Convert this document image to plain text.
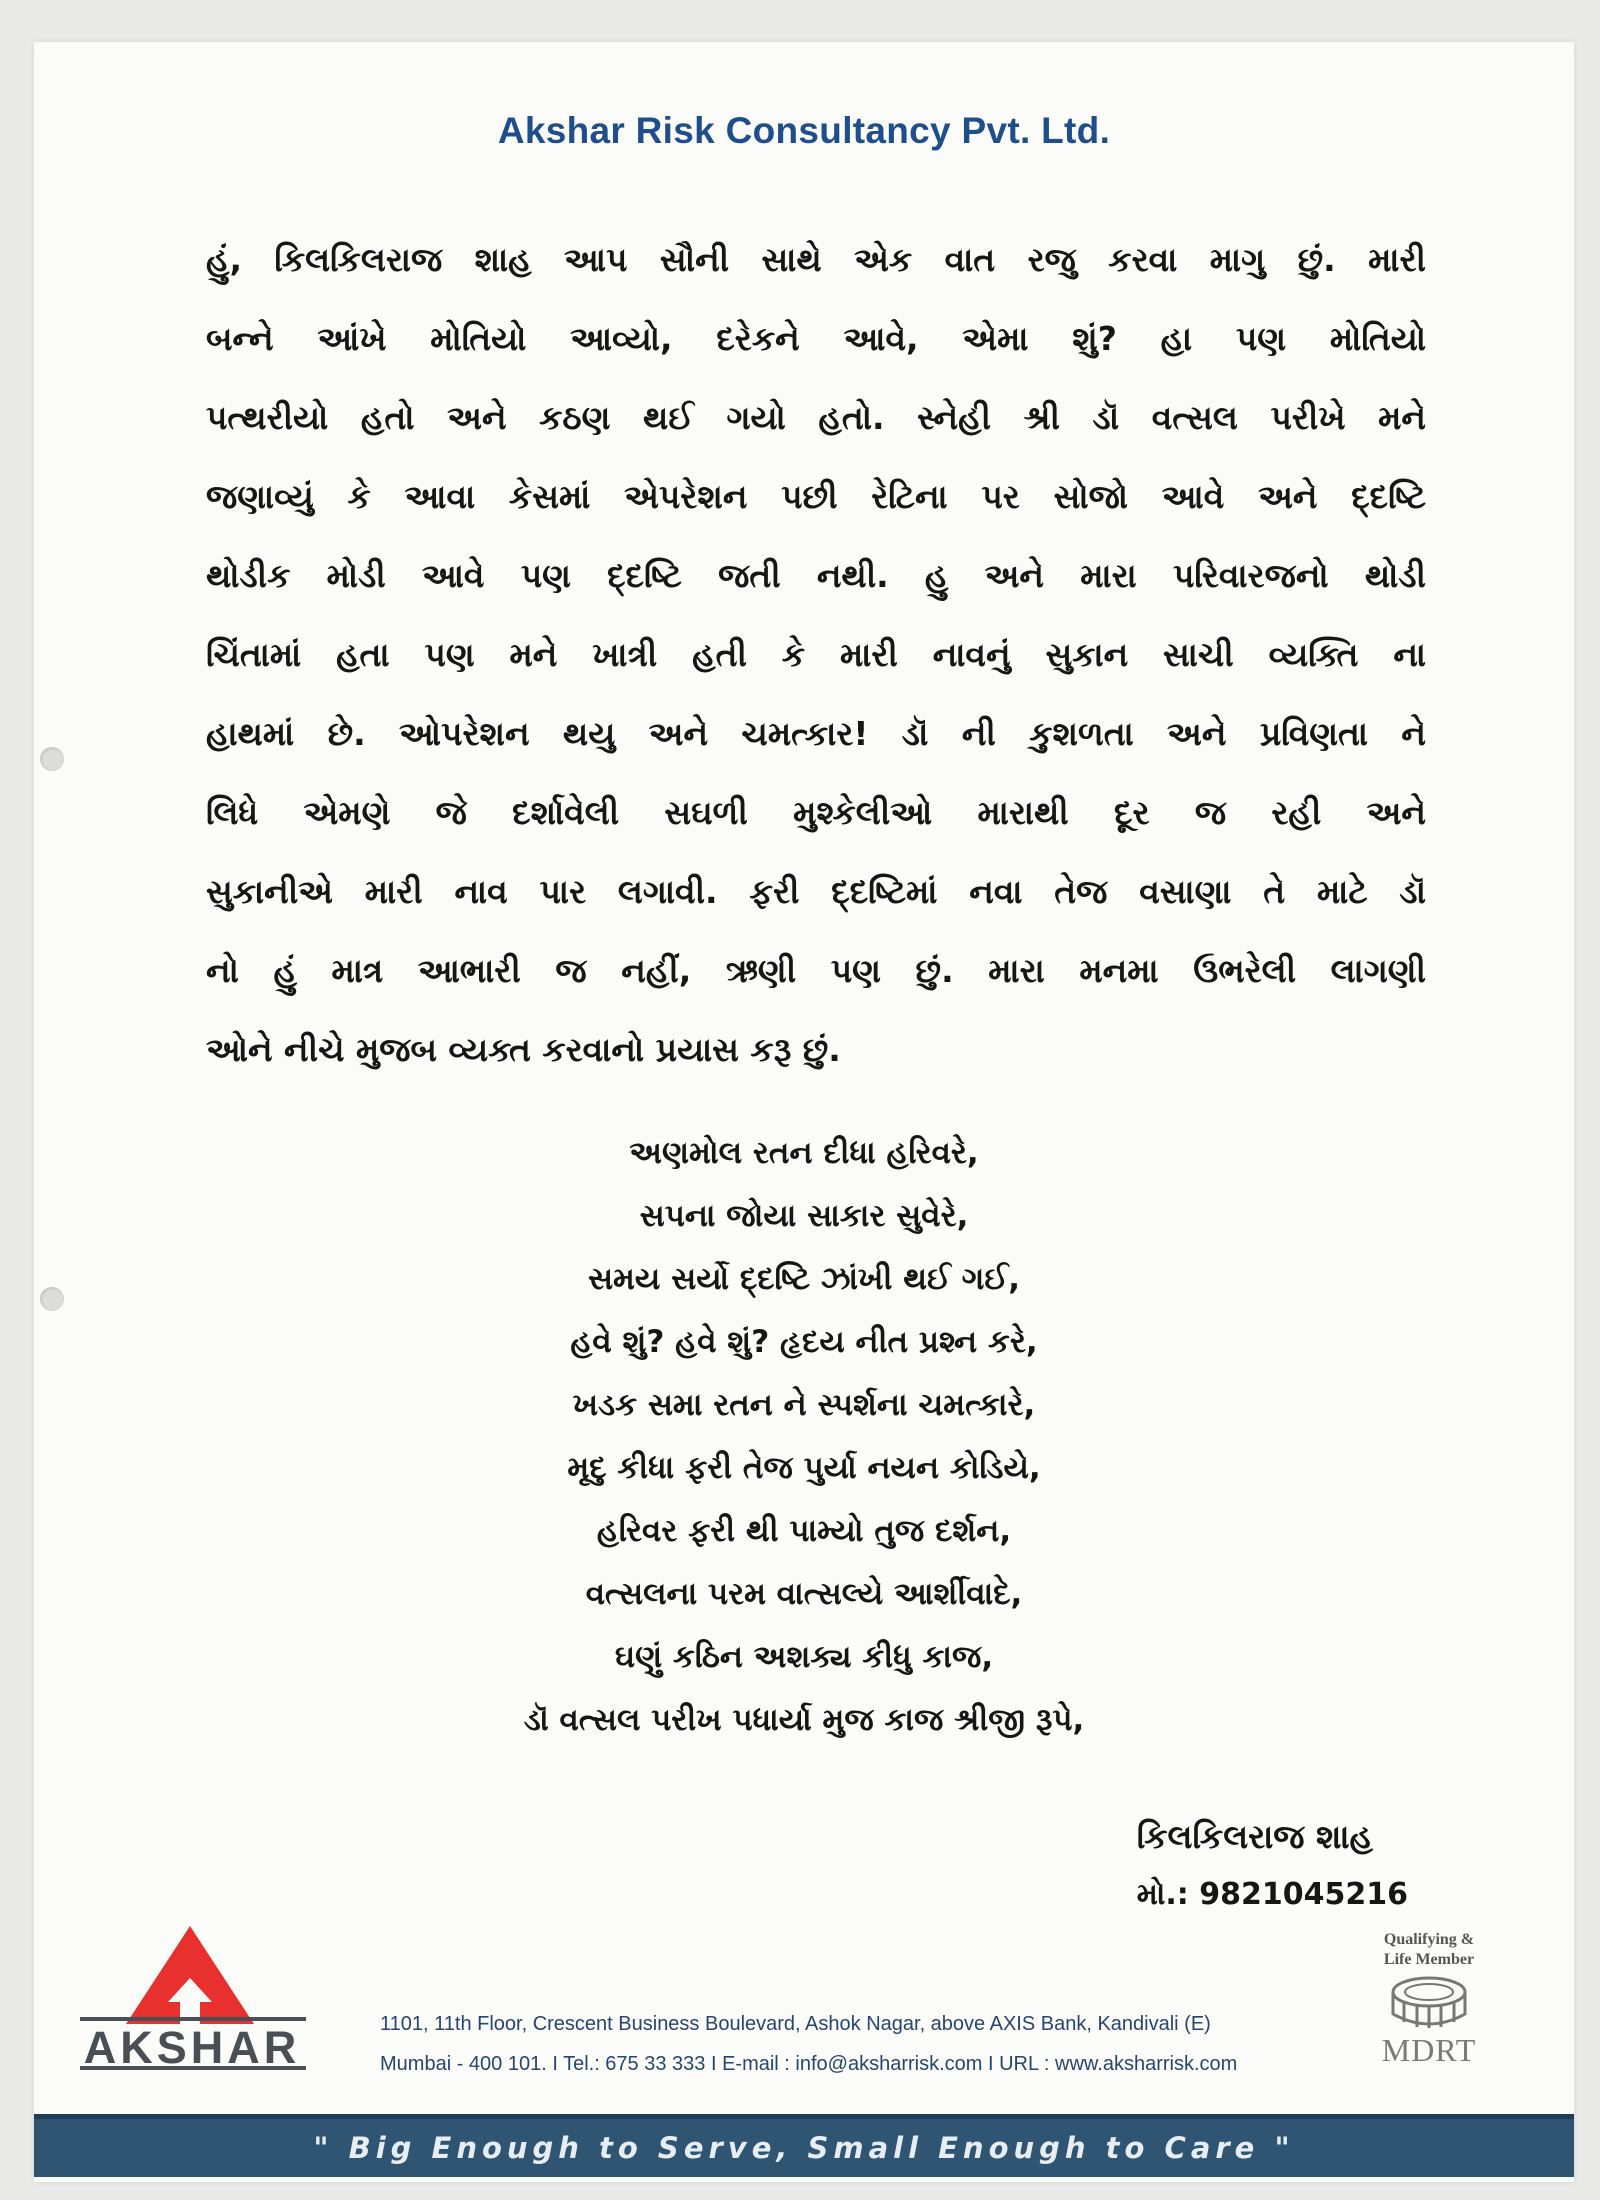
Akshar Risk Consultancy Pvt. Ltd.
હું, કિલકિલરાજ શાહ આપ સૌની સાથે એક વાત રજુ કરવા માગુ છું. મારી
બન્ને આંખે મોતિયો આવ્યો, દરેકને આવે, એમા શું? હા પણ મોતિયો
પત્થરીયો હતો અને કઠણ થઈ ગયો હતો. સ્નેહી શ્રી ડૉ વત્સલ પરીખે મને
જણાવ્યું કે આવા કેસમાં એપરેશન પછી રેટિના પર સોજો આવે અને દ્દષ્ટિ
થોડીક મોડી આવે પણ દ્દષ્ટિ જતી નથી. હુ અને મારા પરિવારજનો થોડી
ચિંતામાં હતા પણ મને ખાત્રી હતી કે મારી નાવનું સુકાન સાચી વ્યક્તિ ના
હાથમાં છે. ઓપરેશન થયુ અને ચમત્કાર! ડૉ ની કુશળતા અને પ્રવિણતા ને
લિધે એમણે જે દર્શાવેલી સઘળી મુશ્કેલીઓ મારાથી દૂર જ રહી અને
સુકાનીએ મારી નાવ પાર લગાવી. ફરી દ્દષ્ટિમાં નવા તેજ વસાણા તે માટે ડૉ
નો હું માત્ર આભારી જ નહીં, ઋણી પણ છું. મારા મનમા ઉભરેલી લાગણી
ઓને નીચે મુજબ વ્યક્ત કરવાનો પ્રયાસ કરૂ છું.
અણમોલ રતન દીધા હરિવરે,
સપના જોયા સાકાર સુવેરે,
સમય સર્યો દ્દષ્ટિ ઝાંખી થઈ ગઈ,
હવે શું? હવે શું? હૃદય નીત પ્રશ્ન કરે,
ખડક સમા રતન ને સ્પર્શના ચમત્કારે,
મૃદુ કીધા ફરી તેજ પુર્યા નયન કોડિયે,
હરિવર ફરી થી પામ્યો તુજ દર્શન,
વત્સલના પરમ વાત્સલ્યે આર્શીવાદે,
ઘણું કઠિન અશક્ય કીધુ કાજ,
ડૉ વત્સલ પરીખ પધાર્યા મુજ કાજ શ્રીજી રૂપે,
કિલકિલરાજ શાહ
મો.: 9821045216
AKSHAR	1101, 11th Floor, Crescent Business Boulevard, Ashok Nagar, above AXIS Bank, Kandivali (E)
Mumbai - 400 101. I Tel.: 675 33 333 I E-mail : info@aksharrisk.com I URL : www.aksharrisk.com
Qualifying &
Life Member
MDRT
" Big Enough to Serve, Small Enough to Care "
